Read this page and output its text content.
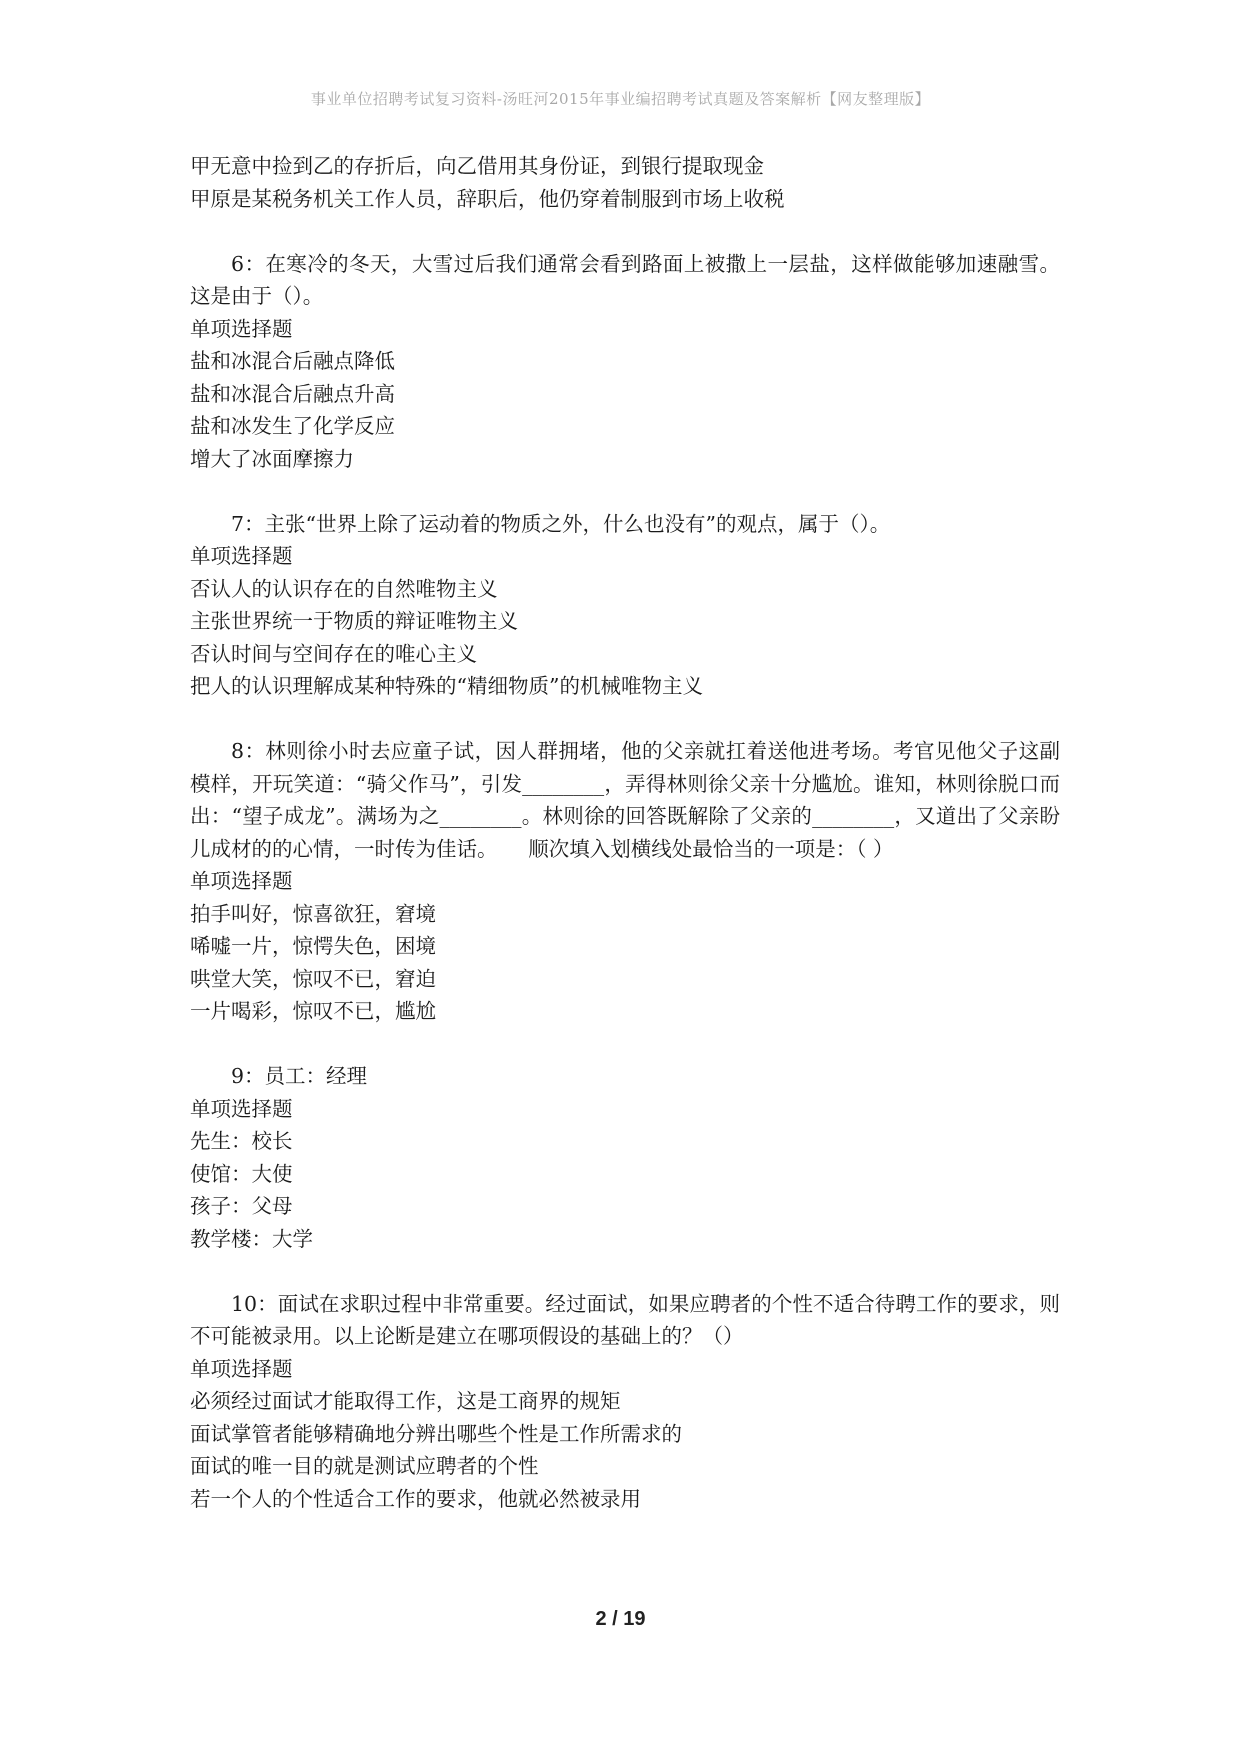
事业单位招聘考试复习资料-汤旺河2015年事业编招聘考试真题及答案解析【网友整理版】
甲无意中捡到乙的存折后，向乙借用其身份证，到银行提取现金
甲原是某税务机关工作人员，辞职后，他仍穿着制服到市场上收税
6：在寒冷的冬天，大雪过后我们通常会看到路面上被撒上一层盐，这样做能够加速融雪。这是由于（）。
单项选择题
盐和冰混合后融点降低
盐和冰混合后融点升高
盐和冰发生了化学反应
增大了冰面摩擦力
7：主张“世界上除了运动着的物质之外，什么也没有”的观点，属于（）。
单项选择题
否认人的认识存在的自然唯物主义
主张世界统一于物质的辩证唯物主义
否认时间与空间存在的唯心主义
把人的认识理解成某种特殊的“精细物质”的机械唯物主义
8：林则徐小时去应童子试，因人群拥堵，他的父亲就扛着送他进考场。考官见他父子这副模样，开玩笑道：“骑父作马”，引发________，弄得林则徐父亲十分尴尬。谁知，林则徐脱口而出：“望子成龙”。满场为之________。林则徐的回答既解除了父亲的________，又道出了父亲盼儿成材的的心情，一时传为佳话。　　顺次填入划横线处最恰当的一项是：（ ）
单项选择题
拍手叫好，惊喜欲狂，窘境
唏嘘一片，惊愕失色，困境
哄堂大笑，惊叹不已，窘迫
一片喝彩，惊叹不已，尴尬
9：员工：经理
单项选择题
先生：校长
使馆：大使
孩子：父母
教学楼：大学
10：面试在求职过程中非常重要。经过面试，如果应聘者的个性不适合待聘工作的要求，则不可能被录用。以上论断是建立在哪项假设的基础上的？（）
单项选择题
必须经过面试才能取得工作，这是工商界的规矩
面试掌管者能够精确地分辨出哪些个性是工作所需求的
面试的唯一目的就是测试应聘者的个性
若一个人的个性适合工作的要求，他就必然被录用
2 / 19
